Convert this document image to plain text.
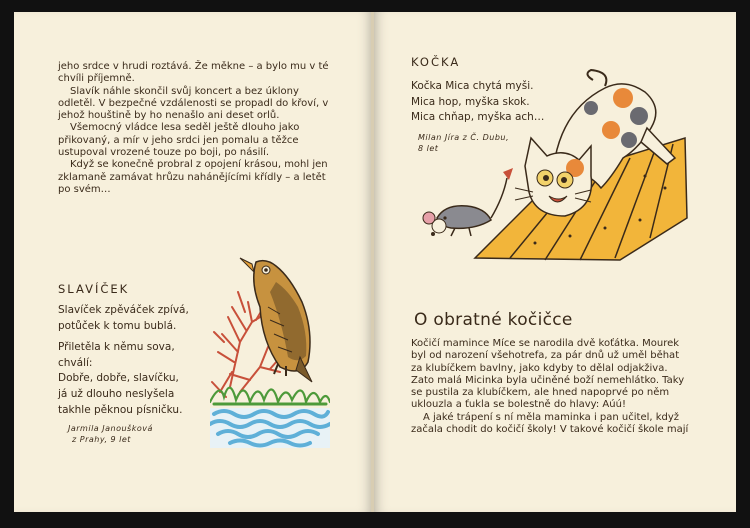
jeho srdce v hrudi roztává. Že měkne – a bylo mu v té chvíli příjemně.

Slavík náhle skončil svůj koncert a bez úklony odletěl. V bezpečné vzdálenosti se propadl do křoví, v jehož houštině by ho nenašlo ani deset orlů.

Všemocný vládce lesa seděl ještě dlouho jako přikovaný, a mír v jeho srdci jen pomalu a těžce ustupoval vrozené touze po boji, po násilí.

Když se konečně probral z opojení krásou, mohl jen zklamaně zamávat hrůzu nahánějícími křídly – a letět po svém…

SLAVÍČEK

Slavíček zpěváček zpívá,

potůček k tomu bublá.

Přiletěla k němu sova,

chválí:

Dobře, dobře, slavíčku,

já už dlouho neslyšela

takhle pěknou písničku.

Jarmila Janoušková
z Prahy, 9 let
KOČKA

Kočka Mica chytá myši.

Mica hop, myška skok.

Mica chňap, myška ach…

Milan Jíra z Č. Dubu,
8 let
O obratné kočičce

Kočičí mamince Míce se narodila dvě koťátka. Mourek byl od narození všehotrefa, za pár dnů už uměl běhat za klubíčkem bavlny, jako kdyby to dělal odjakživa. Zato malá Micinka byla učiněné boží nemehlátko. Taky se pustila za klubíčkem, ale hned napoprvé po něm uklouzla a ťukla se bolestně do hlavy: Aúú!

A jaké trápení s ní měla maminka i pan učitel, když začala chodit do kočičí školy! V takové kočičí škole mají
